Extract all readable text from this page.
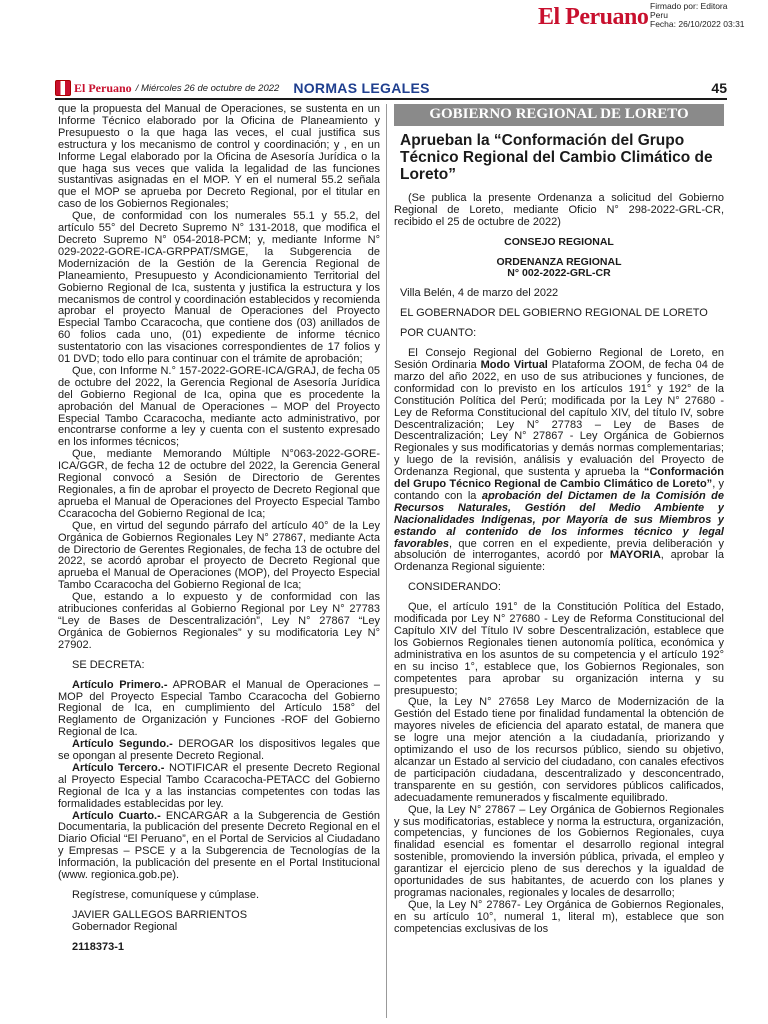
El Peruano Firmado por: Editora
Peru
Fecha: 26/10/2022 03:31
El Peruano / Miércoles 26 de octubre de 2022 NORMAS LEGALES	45

que la propuesta del Manual de Operaciones, se sustenta en un Informe Técnico elaborado por la Oficina de Planeamiento y Presupuesto o la que haga las veces, el cual justifica sus estructura y los mecanismo de control y coordinación; y , en un Informe Legal elaborado por la Oficina de Asesoría Jurídica o la que haga sus veces que valida la legalidad de las funciones sustantivas asignadas en el MOP. Y en el numeral 55.2 señala que el MOP se aprueba por Decreto Regional, por el titular en caso de los Gobiernos Regionales;

Que, de conformidad con los numerales 55.1 y 55.2, del artículo 55° del Decreto Supremo N° 131-2018, que modifica el Decreto Supremo N° 054-2018-PCM; y, mediante Informe N° 029-2022-GORE-ICA-GRPPAT/SMGE, la Subgerencia de Modernización de la Gestión de la Gerencia Regional de Planeamiento, Presupuesto y Acondicionamiento Territorial del Gobierno Regional de Ica, sustenta y justifica la estructura y los mecanismos de control y coordinación establecidos y recomienda aprobar el proyecto Manual de Operaciones del Proyecto Especial Tambo Ccaracocha, que contiene dos (03) anillados de 60 folios cada uno, (01) expediente de informe técnico sustentatorio con las visaciones correspondientes de 17 folios y 01 DVD; todo ello para continuar con el trámite de aprobación;

Que, con Informe N.° 157-2022-GORE-ICA/GRAJ, de fecha 05 de octubre del 2022, la Gerencia Regional de Asesoría Jurídica del Gobierno Regional de Ica, opina que es procedente la aprobación del Manual de Operaciones – MOP del Proyecto Especial Tambo Ccaracocha, mediante acto administrativo, por encontrarse conforme a ley y cuenta con el sustento expresado en los informes técnicos;

Que, mediante Memorando Múltiple N°063-2022-GORE-ICA/GGR, de fecha 12 de octubre del 2022, la Gerencia General Regional convocó a Sesión de Directorio de Gerentes Regionales, a fin de aprobar el proyecto de Decreto Regional que aprueba el Manual de Operaciones del Proyecto Especial Tambo Ccaracocha del Gobierno Regional de Ica;

Que, en virtud del segundo párrafo del artículo 40° de la Ley Orgánica de Gobiernos Regionales Ley N° 27867, mediante Acta de Directorio de Gerentes Regionales, de fecha 13 de octubre del 2022, se acordó aprobar el proyecto de Decreto Regional que aprueba el Manual de Operaciones (MOP), del Proyecto Especial Tambo Ccaracocha del Gobierno Regional de Ica;

Que, estando a lo expuesto y de conformidad con las atribuciones conferidas al Gobierno Regional por Ley N° 27783 “Ley de Bases de Descentralización”, Ley N° 27867 “Ley Orgánica de Gobiernos Regionales” y su modificatoria Ley N° 27902.

SE DECRETA:

Artículo Primero.- APROBAR el Manual de Operaciones – MOP del Proyecto Especial Tambo Ccaracocha del Gobierno Regional de Ica, en cumplimiento del Artículo 158° del Reglamento de Organización y Funciones -ROF del Gobierno Regional de Ica.

Artículo Segundo.- DEROGAR los dispositivos legales que se opongan al presente Decreto Regional.

Artículo Tercero.- NOTIFICAR el presente Decreto Regional al Proyecto Especial Tambo Ccaracocha-PETACC del Gobierno Regional de Ica y a las instancias competentes con todas las formalidades establecidas por ley.

Artículo Cuarto.- ENCARGAR a la Subgerencia de Gestión Documentaria, la publicación del presente Decreto Regional en el Diario Oficial “El Peruano”, en el Portal de Servicios al Ciudadano y Empresas – PSCE y a la Subgerencia de Tecnologías de la Información, la publicación del presente en el Portal Institucional (www. regionica.gob.pe).

Regístrese, comuníquese y cúmplase.

JAVIER GALLEGOS BARRIENTOS

Gobernador Regional

2118373-1

GOBIERNO REGIONAL DE LORETO
Aprueban la “Conformación del Grupo Técnico Regional del Cambio Climático de Loreto”

(Se publica la presente Ordenanza a solicitud del Gobierno Regional de Loreto, mediante Oficio N° 298-2022-GRL-CR, recibido el 25 de octubre de 2022)

CONSEJO REGIONAL

ORDENANZA REGIONAL

N° 002-2022-GRL-CR

Villa Belén, 4 de marzo del 2022

EL GOBERNADOR DEL GOBIERNO REGIONAL DE LORETO

POR CUANTO:

El Consejo Regional del Gobierno Regional de Loreto, en Sesión Ordinaria Modo Virtual Plataforma ZOOM, de fecha 04 de marzo del año 2022, en uso de sus atribuciones y funciones, de conformidad con lo previsto en los artículos 191° y 192° de la Constitución Política del Perú; modificada por la Ley N° 27680 - Ley de Reforma Constitucional del capítulo XIV, del título IV, sobre Descentralización; Ley N° 27783 – Ley de Bases de Descentralización; Ley N° 27867 - Ley Orgánica de Gobiernos Regionales y sus modificatorias y demás normas complementarias; y luego de la revisión, análisis y evaluación del Proyecto de Ordenanza Regional, que sustenta y aprueba la “Conformación del Grupo Técnico Regional de Cambio Climático de Loreto”, y contando con la aprobación del Dictamen de la Comisión de Recursos Naturales, Gestión del Medio Ambiente y Nacionalidades Indígenas, por Mayoría de sus Miembros y estando al contenido de los informes técnico y legal favorables, que corren en el expediente, previa deliberación y absolución de interrogantes, acordó por MAYORIA, aprobar la Ordenanza Regional siguiente:

CONSIDERANDO:

Que, el artículo 191° de la Constitución Política del Estado, modificada por Ley N° 27680 - Ley de Reforma Constitucional del Capítulo XIV del Título IV sobre Descentralización, establece que los Gobiernos Regionales tienen autonomía política, económica y administrativa en los asuntos de su competencia y el artículo 192° en su inciso 1°, establece que, los Gobiernos Regionales, son competentes para aprobar su organización interna y su presupuesto;

Que, la Ley N° 27658 Ley Marco de Modernización de la Gestión del Estado tiene por finalidad fundamental la obtención de mayores niveles de eficiencia del aparato estatal, de manera que se logre una mejor atención a la ciudadanía, priorizando y optimizando el uso de los recursos público, siendo su objetivo, alcanzar un Estado al servicio del ciudadano, con canales efectivos de participación ciudadana, descentralizado y desconcentrado, transparente en su gestión, con servidores públicos calificados, adecuadamente remunerados y fiscalmente equilibrado.

Que, la Ley N° 27867 – Ley Orgánica de Gobiernos Regionales y sus modificatorias, establece y norma la estructura, organización, competencias, y funciones de los Gobiernos Regionales, cuya finalidad esencial es fomentar el desarrollo regional integral sostenible, promoviendo la inversión pública, privada, el empleo y garantizar el ejercicio pleno de sus derechos y la igualdad de oportunidades de sus habitantes, de acuerdo con los planes y programas nacionales, regionales y locales de desarrollo;

Que, la Ley N° 27867- Ley Orgánica de Gobiernos Regionales, en su artículo 10°, numeral 1, literal m), establece que son competencias exclusivas de los
